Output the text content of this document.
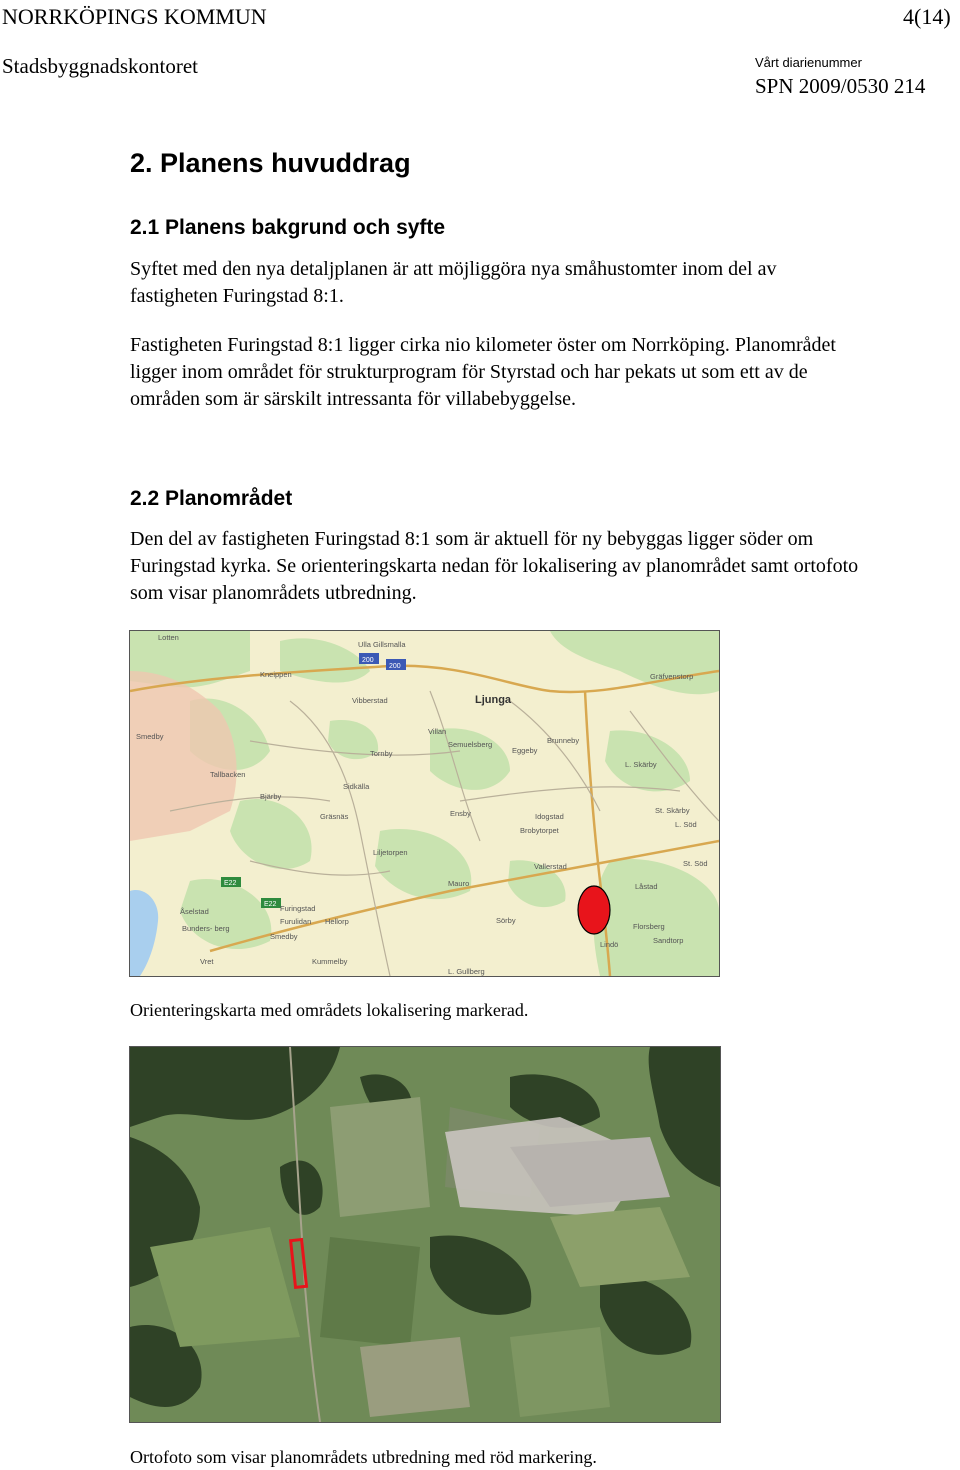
NORRKÖPINGS KOMMUN	4(14)
Stadsbyggnadskontoret	Vårt diarienummer
SPN 2009/0530 214
2. Planens huvuddrag
2.1 Planens bakgrund och syfte

Syftet med den nya detaljplanen är att möjliggöra nya småhustomter inom del av fastigheten Furingstad 8:1.

Fastigheten Furingstad 8:1 ligger cirka nio kilometer öster om Norrköping. Planområdet ligger inom området för strukturprogram för Styrstad och har pekats ut som ett av de områden som är särskilt intressanta för villabebyggelse.

2.2 Planområdet

Den del av fastigheten Furingstad 8:1 som är aktuell för ny bebyggas ligger söder om Furingstad kyrka. Se orienteringskarta nedan för lokalisering av planområdet samt ortofoto som visar planområdets utbredning.

Lotten
Ulla Gillsmalla
200
200
Kneippen
Ljunga
Gräfvenstorp
Vibberstad
Villan
Semuelsberg
Eggeby
Brunneby
Smedby
Tornby
L. Skärby
Tallbacken
Sidkälla
Bjärby
Gräsnäs	Ensby	Idogstad
St. Skärby
L. Söd
Brobytorpet
Liljetorpen
Vallerstad	St. Söd
E22	Mauro	Låstad
Åselstad	Furingstad
Furulidan Hellorp	Sörby
Florsberg
Bunders- berg
Smedby
Lindö	Sandtorp
Vret	Kummelby
L. Gullberg
E22
Orienteringskarta med områdets lokalisering markerad.
Ortofoto som visar planområdets utbredning med röd markering.
